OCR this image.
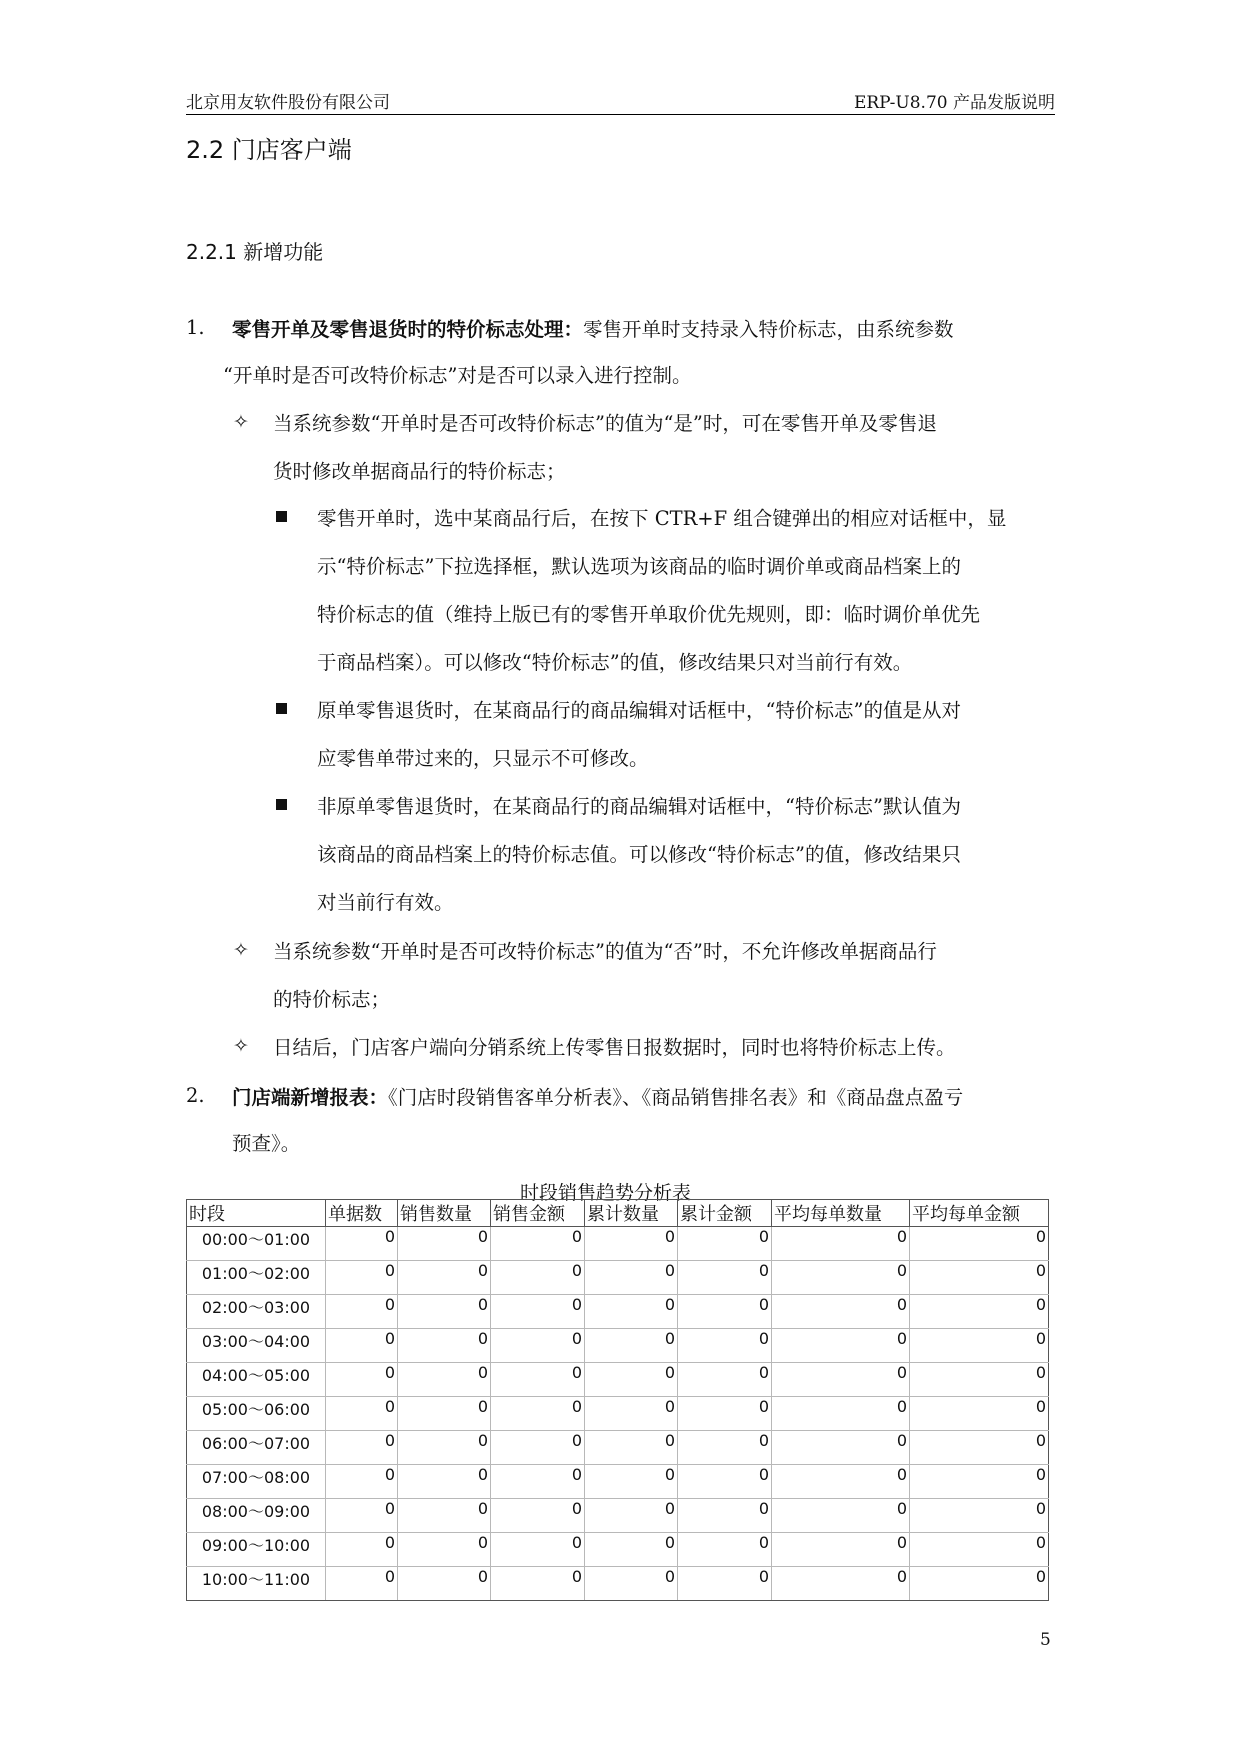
北京用友软件股份有限公司	ERP-U8.70 产品发版说明
2.2 门店客户端
2.2.1 新增功能
1. 零售开单及零售退货时的特价标志处理：零售开单时支持录入特价标志，由系统参数
“开单时是否可改特价标志”对是否可以录入进行控制。
✧ 当系统参数“开单时是否可改特价标志”的值为“是”时，可在零售开单及零售退
货时修改单据商品行的特价标志；
零售开单时，选中某商品行后，在按下 CTR+F 组合键弹出的相应对话框中，显
示“特价标志”下拉选择框，默认选项为该商品的临时调价单或商品档案上的
特价标志的值（维持上版已有的零售开单取价优先规则，即：临时调价单优先
于商品档案）。可以修改“特价标志”的值，修改结果只对当前行有效。
原单零售退货时，在某商品行的商品编辑对话框中，“特价标志”的值是从对
应零售单带过来的，只显示不可修改。
非原单零售退货时，在某商品行的商品编辑对话框中，“特价标志”默认值为
该商品的商品档案上的特价标志值。可以修改“特价标志”的值，修改结果只
对当前行有效。
✧ 当系统参数“开单时是否可改特价标志”的值为“否”时，不允许修改单据商品行
的特价标志；
✧ 日结后，门店客户端向分销系统上传零售日报数据时，同时也将特价标志上传。
2. 门店端新增报表：《门店时段销售客单分析表》、《商品销售排名表》和《商品盘点盈亏
预查》。
时段销售趋势分析表
时段	单据数	销售数量	销售金额	累计数量	累计金额	平均每单数量	平均每单金额
00:00～01:00	0	0	0	0	0	0	0
01:00～02:00	0	0	0	0	0	0	0
02:00～03:00	0	0	0	0	0	0	0
03:00～04:00	0	0	0	0	0	0	0
04:00～05:00	0	0	0	0	0	0	0
05:00～06:00	0	0	0	0	0	0	0
06:00～07:00	0	0	0	0	0	0	0
07:00～08:00	0	0	0	0	0	0	0
08:00～09:00	0	0	0	0	0	0	0
09:00～10:00	0	0	0	0	0	0	0
10:00～11:00	0	0	0	0	0	0	0
5
